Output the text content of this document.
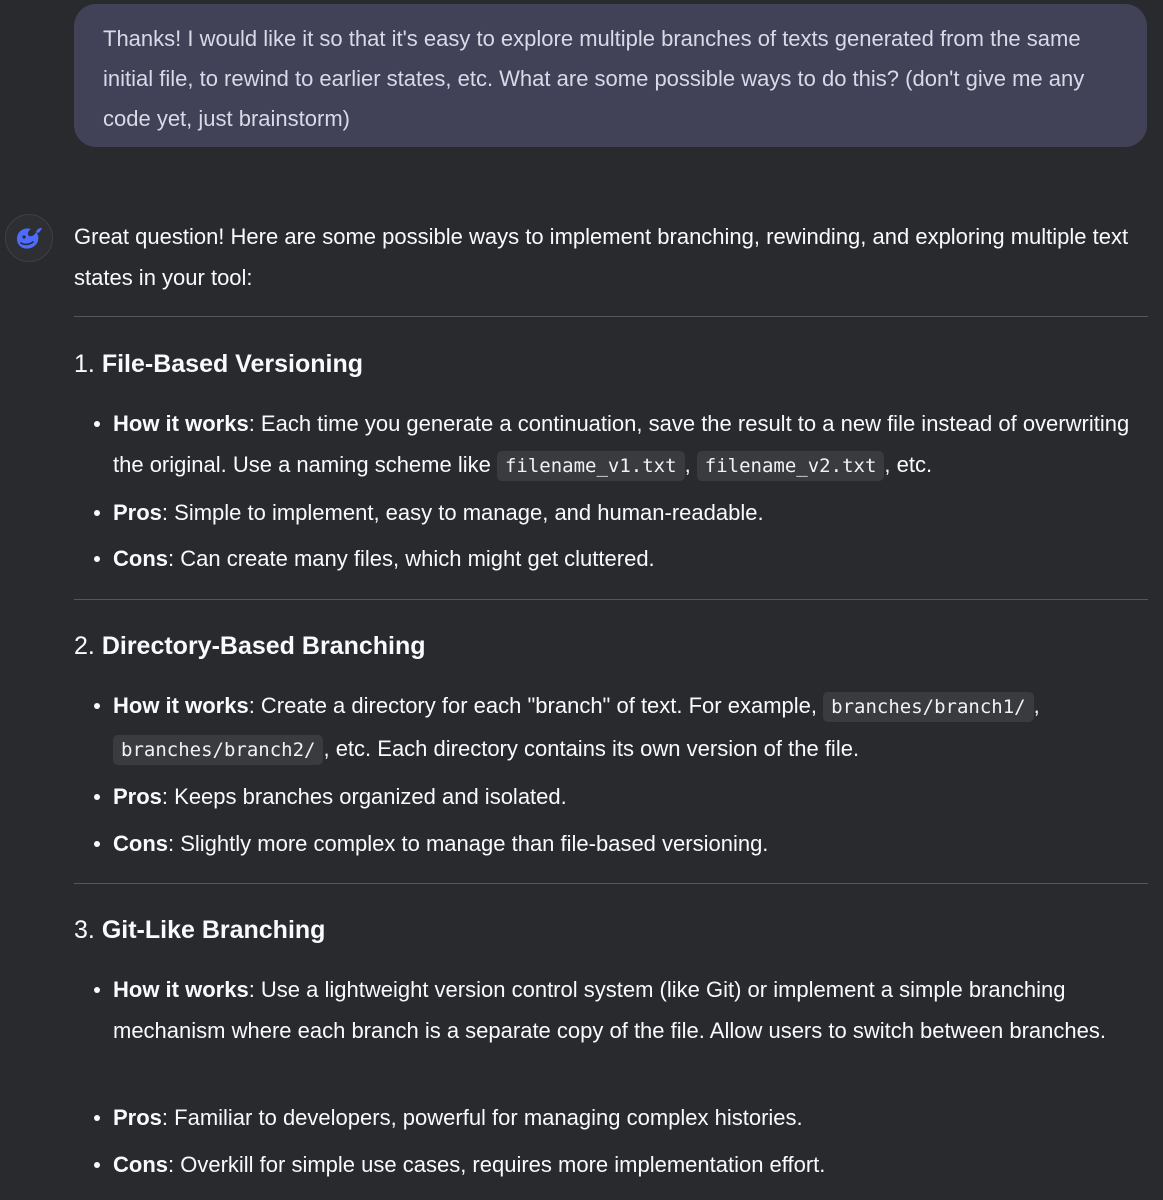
Thanks! I would like it so that it's easy to explore multiple branches of texts generated from the same initial file, to rewind to earlier states, etc. What are some possible ways to do this? (don't give me any code yet, just brainstorm)
Great question! Here are some possible ways to implement branching, rewinding, and exploring multiple text states in your tool:
1. File-Based Versioning
How it works: Each time you generate a continuation, save the result to a new file instead of overwriting the original. Use a naming scheme like filename_v1.txt , filename_v2.txt , etc.
Pros: Simple to implement, easy to manage, and human-readable.
Cons: Can create many files, which might get cluttered.
2. Directory-Based Branching
How it works: Create a directory for each "branch" of text. For example, branches/branch1/ , branches/branch2/ , etc. Each directory contains its own version of the file.
Pros: Keeps branches organized and isolated.
Cons: Slightly more complex to manage than file-based versioning.
3. Git-Like Branching
How it works: Use a lightweight version control system (like Git) or implement a simple branching mechanism where each branch is a separate copy of the file. Allow users to switch between branches.
Pros: Familiar to developers, powerful for managing complex histories.
Cons: Overkill for simple use cases, requires more implementation effort.
